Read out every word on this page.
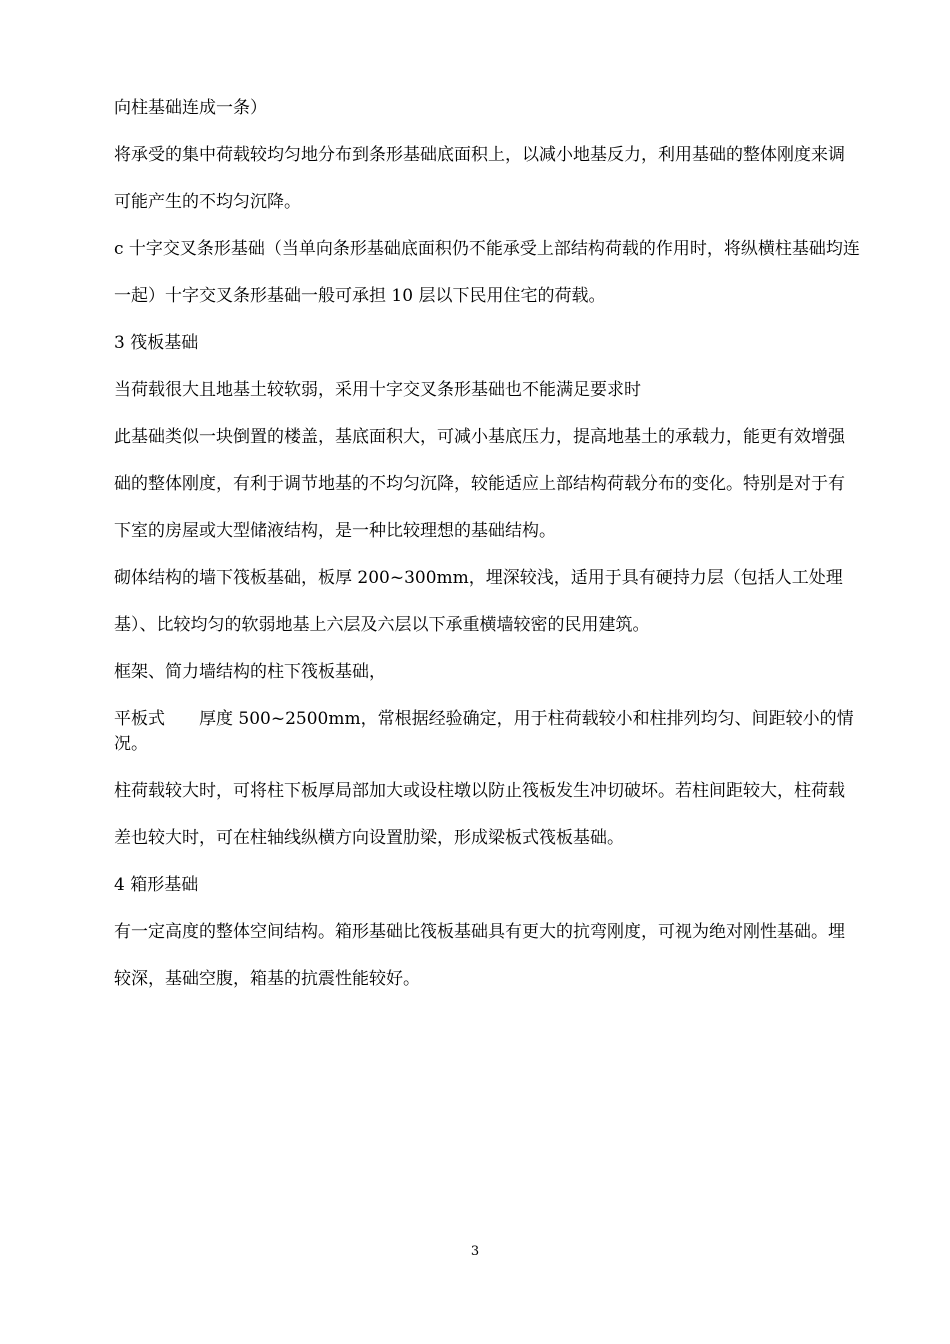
向柱基础连成一条）

将承受的集中荷载较均匀地分布到条形基础底面积上，以减小地基反力，利用基础的整体刚度来调

可能产生的不均匀沉降。

c 十字交叉条形基础（当单向条形基础底面积仍不能承受上部结构荷载的作用时，将纵横柱基础均连

一起）十字交叉条形基础一般可承担 10 层以下民用住宅的荷载。

3 筏板基础

当荷载很大且地基土较软弱，采用十字交叉条形基础也不能满足要求时

此基础类似一块倒置的楼盖，基底面积大，可减小基底压力，提高地基土的承载力，能更有效增强

础的整体刚度，有利于调节地基的不均匀沉降，较能适应上部结构荷载分布的变化。特别是对于有

下室的房屋或大型储液结构，是一种比较理想的基础结构。

砌体结构的墙下筏板基础，板厚 200~300mm，埋深较浅，适用于具有硬持力层（包括人工处理

基）、比较均匀的软弱地基上六层及六层以下承重横墙较密的民用建筑。

框架、简力墙结构的柱下筏板基础，

平板式　　厚度 500~2500mm，常根据经验确定，用于柱荷载较小和柱排列均匀、间距较小的情况。

柱荷载较大时，可将柱下板厚局部加大或设柱墩以防止筏板发生冲切破坏。若柱间距较大，柱荷载

差也较大时，可在柱轴线纵横方向设置肋梁，形成梁板式筏板基础。

4 箱形基础

有一定高度的整体空间结构。箱形基础比筏板基础具有更大的抗弯刚度，可视为绝对刚性基础。埋

较深，基础空腹，箱基的抗震性能较好。

3
